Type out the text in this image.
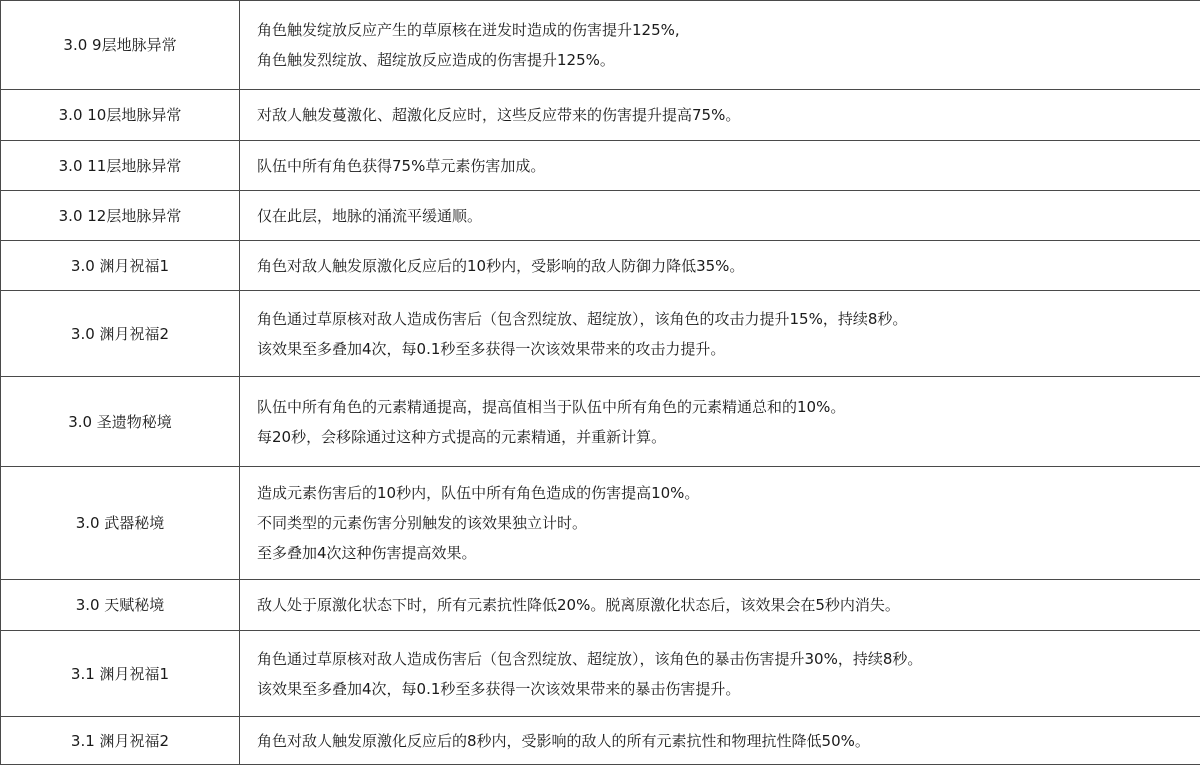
3.0 9层地脉异常	角色触发绽放反应产生的草原核在迸发时造成的伤害提升125%,
角色触发烈绽放、超绽放反应造成的伤害提升125%。

3.0 10层地脉异常	对敌人触发蔓激化、超激化反应时，这些反应带来的伤害提升提高75%。

3.0 11层地脉异常	队伍中所有角色获得75%草元素伤害加成。

3.0 12层地脉异常	仅在此层，地脉的涌流平缓通顺。

3.0 渊月祝福1	角色对敌人触发原激化反应后的10秒内，受影响的敌人防御力降低35%。

3.0 渊月祝福2	角色通过草原核对敌人造成伤害后（包含烈绽放、超绽放），该角色的攻击力提升15%，持续8秒。
该效果至多叠加4次，每0.1秒至多获得一次该效果带来的攻击力提升。

3.0 圣遗物秘境	队伍中所有角色的元素精通提高，提高值相当于队伍中所有角色的元素精通总和的10%。
每20秒，会移除通过这种方式提高的元素精通，并重新计算。

3.0 武器秘境	造成元素伤害后的10秒内，队伍中所有角色造成的伤害提高10%。
不同类型的元素伤害分别触发的该效果独立计时。
至多叠加4次这种伤害提高效果。

3.0 天赋秘境	敌人处于原激化状态下时，所有元素抗性降低20%。脱离原激化状态后，该效果会在5秒内消失。

3.1 渊月祝福1	角色通过草原核对敌人造成伤害后（包含烈绽放、超绽放），该角色的暴击伤害提升30%，持续8秒。
该效果至多叠加4次，每0.1秒至多获得一次该效果带来的暴击伤害提升。

3.1 渊月祝福2	角色对敌人触发原激化反应后的8秒内，受影响的敌人的所有元素抗性和物理抗性降低50%。
